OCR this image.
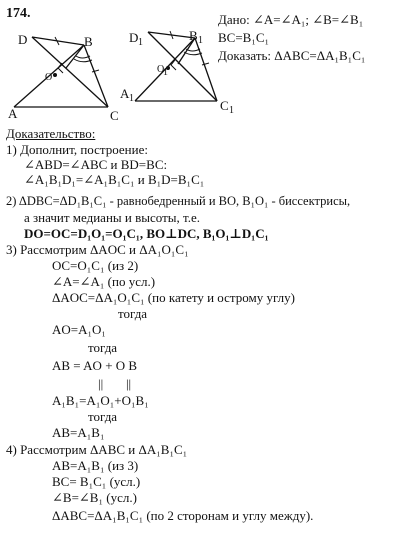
174.
D	B
A	C
O
D 1	B 1
A 1	C 1
O
1
Дано: ∠A=∠A₁; ∠B=∠B₁
BC=B₁C₁
Доказать: ΔABC=ΔA₁B₁C₁
Доказательство:
1) Дополнит, построение:
∠ABD=∠ABC и BD=BC:
∠A₁B₁D₁=∠A₁B₁C₁ и B₁D=B₁C₁
2) ΔDBC=ΔD₁B₁C₁ - равнобедренный и BO, B₁O₁ - биссектрисы,
а значит медианы и высоты, т.е.
DO=OC=D₁O₁=O₁C₁, BO⊥DC, B₁O₁⊥D₁C₁
3) Рассмотрим ΔAOC и ΔA₁O₁C₁
OC=O₁C₁ (из 2)
∠A=∠A₁ (по усл.)
ΔAOC=ΔA₁O₁C₁ (по катету и острому углу)
тогда
AO=A₁O₁
тогда
AB = AO + O B
||       ||
A₁B₁=A₁O₁+O₁B₁
тогда
AB=A₁B₁
4) Рассмотрим ΔABC и ΔA₁B₁C₁
AB=A₁B₁ (из 3)
BC= B₁C₁ (усл.)
∠B=∠B₁ (усл.)
ΔABC=ΔA₁B₁C₁ (по 2 сторонам и углу между).
